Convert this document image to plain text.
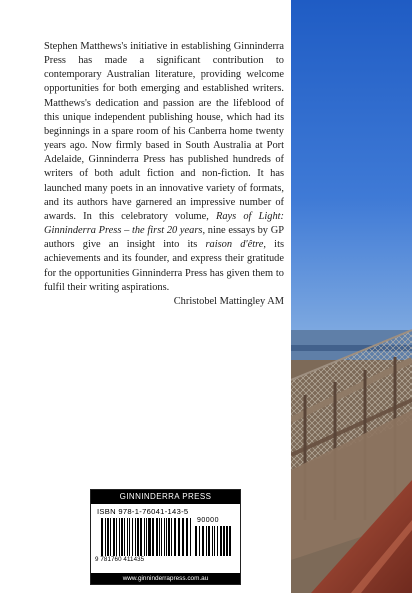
Stephen Matthews's initiative in establishing Ginninderra Press has made a significant contribution to contemporary Australian literature, providing welcome opportunities for both emerging and established writers. Matthews's dedication and passion are the lifeblood of this unique independent publishing house, which had its beginnings in a spare room of his Canberra home twenty years ago. Now firmly based in South Australia at Port Adelaide, Ginninderra Press has published hundreds of writers of both adult fiction and non-fiction. It has launched many poets in an innovative variety of formats, and its authors have garnered an impressive number of awards. In this celebratory volume, Rays of Light: Ginninderra Press – the first 20 years, nine essays by GP authors give an insight into its raison d'être, its achievements and its founder, and express their gratitude for the opportunities Ginninderra Press has given them to fulfil their writing aspirations.

Christobel Mattingley AM

GINNINDERRA PRESS
ISBN 978-1-76041-143-5
90000
9 781760 411435
www.ginninderrapress.com.au
